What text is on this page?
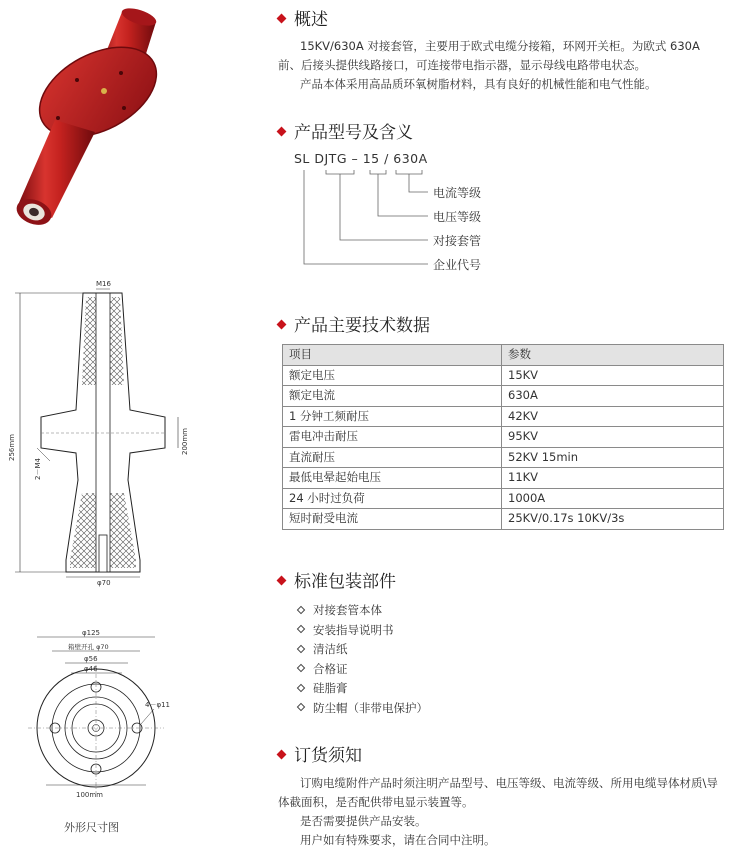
256mm	200mm
2－M4
M16
φ70
φ125
箱壁开孔 φ70
φ56
φ46
4－φ11
100mm
外形尺寸图
概述

15KV/630A 对接套管，主要用于欧式电缆分接箱，环网开关柜。为欧式 630A 前、后接头提供线路接口，可连接带电指示器，显示母线电路带电状态。

产品本体采用高品质环氧树脂材料，具有良好的机械性能和电气性能。

产品型号及含义
SL DJTG – 15 / 630A
电流等级
电压等级
对接套管
企业代号
产品主要技术数据
项目	参数
额定电压	15KV
额定电流	630A
1 分钟工频耐压	42KV
雷电冲击耐压	95KV
直流耐压	52KV 15min
最低电晕起始电压	11KV
24 小时过负荷	1000A
短时耐受电流	25KV/0.17s 10KV/3s
标准包装部件
对接套管本体
安装指导说明书
清洁纸
合格证
硅脂膏
防尘帽（非带电保护）
订货须知

订购电缆附件产品时须注明产品型号、电压等级、电流等级、所用电缆导体材质\导体截面积，是否配供带电显示装置等。

是否需要提供产品安装。

用户如有特殊要求，请在合同中注明。
